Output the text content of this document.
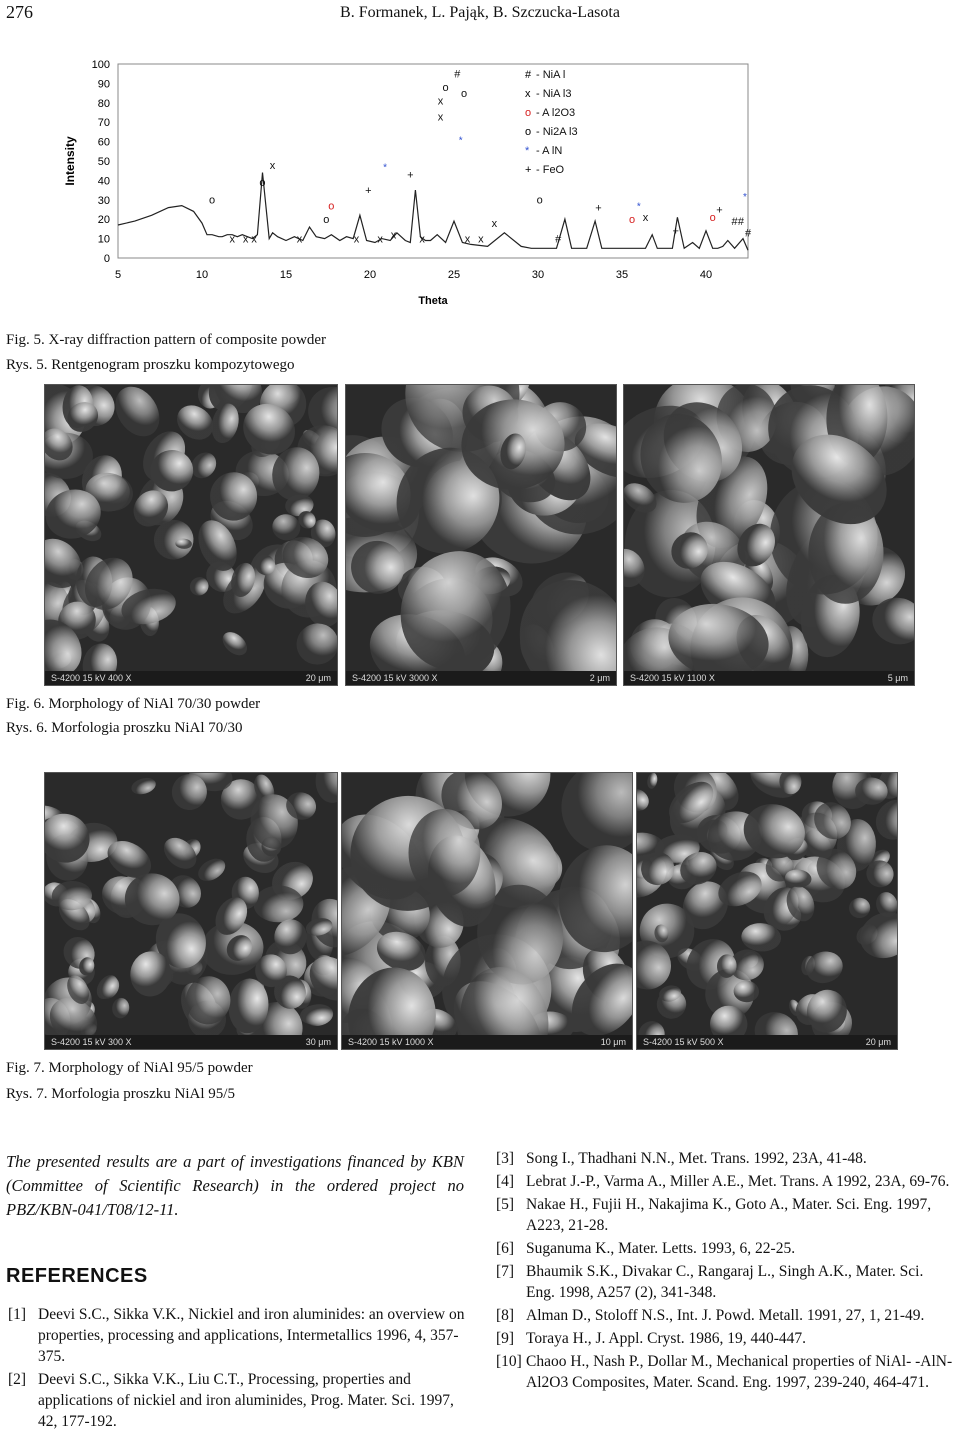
276	B. Formanek, L. Pająk, B. Szczucka-Lasota
0
10
20
30
40
50
60
70
80
90
100
5	10	15	20	25	30	35	40
Theta
Intensity
# - NiA l
x - NiA l3
o - A l2O3
o - Ni2A l3
* - A lN
+ - FeO
o
x x x
o
x
x
o
o
x
+
x
*
x
+
x
x
x
o
#
o
*
x x
x
o
#
+
o x
*
+
o
+
# #
*
#
Fig. 5. X-ray diffraction pattern of composite powder
Rys. 5. Rentgenogram proszku kompozytowego
S-4200 15 kV 400 X	20 μm S-4200 15 kV 3000 X	2 μm S-4200 15 kV 1100 X	5 μm
Fig. 6. Morphology of NiAl 70/30 powder
Rys. 6. Morfologia proszku NiAl 70/30
S-4200 15 kV 300 X	30 μm S-4200 15 kV 1000 X	10 μm S-4200 15 kV 500 X	20 μm
Fig. 7. Morphology of NiAl 95/5 powder
Rys. 7. Morfologia proszku NiAl 95/5
The presented results are a part of investigations financed by KBN (Committee of Scientific Research) in the ordered project no PBZ/KBN-041/T08/12-11.
REFERENCES
[1] Deevi S.C., Sikka V.K., Nickiel and iron aluminides: an overview on properties, processing and applications, Intermetallics 1996, 4, 357-375.
[2] Deevi S.C., Sikka V.K., Liu C.T., Processing, properties and applications of nickiel and iron aluminides, Prog. Mater. Sci. 1997, 42, 177-192.
[3] Song I., Thadhani N.N., Met. Trans. 1992, 23A, 41-48.
[4] Lebrat J.-P., Varma A., Miller A.E., Met. Trans. A 1992, 23A, 69-76.
[5] Nakae H., Fujii H., Nakajima K., Goto A., Mater. Sci. Eng. 1997, A223, 21-28.
[6] Suganuma K., Mater. Letts. 1993, 6, 22-25.
[7] Bhaumik S.K., Divakar C., Rangaraj L., Singh A.K., Mater. Sci. Eng. 1998, A257 (2), 341-348.
[8] Alman D., Stoloff N.S., Int. J. Powd. Metall. 1991, 27, 1, 21-49.
[9] Toraya H., J. Appl. Cryst. 1986, 19, 440-447.
[10] Chaoo H., Nash P., Dollar M., Mechanical properties of NiAl- -AlN-Al2O3 Composites, Mater. Scand. Eng. 1997, 239-240, 464-471.
